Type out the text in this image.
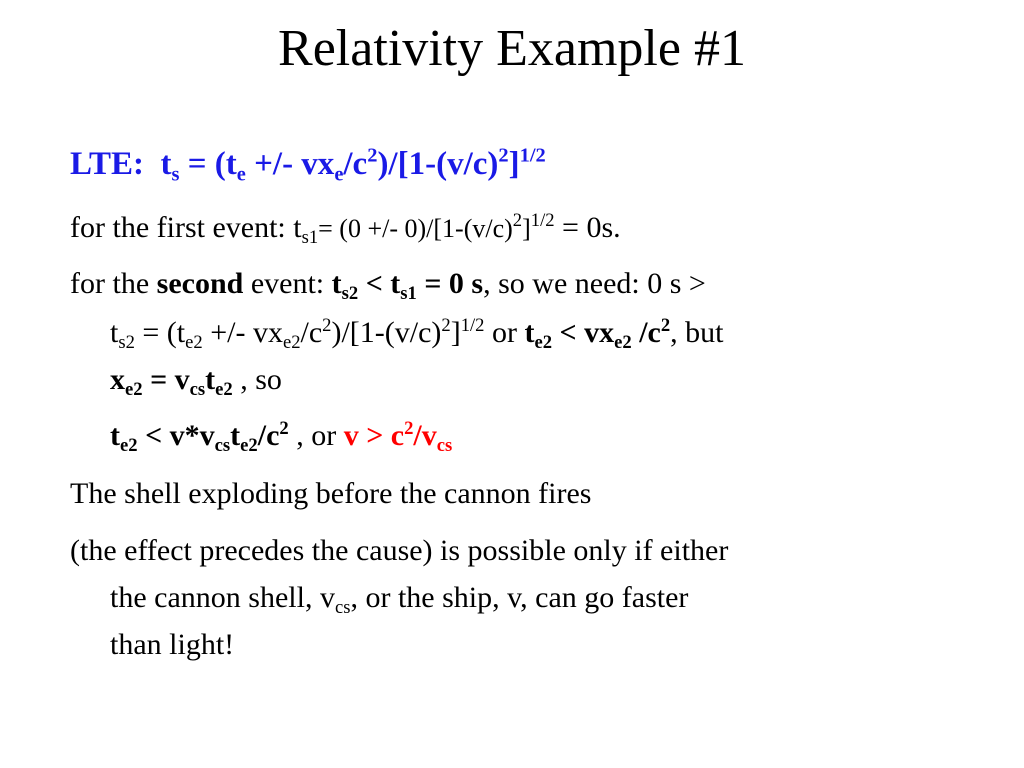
Relativity Example #1
LTE: $t_s = (t_e$ +/- $vx_e/c^2)/[1-(v/c)^2]^{1/2}$
for the first event: $t_{s1}= (0$ +/- $0)/[1-(v/c)^2]^{1/2} = 0s$.
for the second event: $t_{s2} < t_{s1} = 0$ s, so we need: 0 s >
$t_{s2} = (t_{e2}$ +/- $vx_{e2}/c^2)/[1-(v/c)^2]^{1/2}$ or $t_{e2} < vx_{e2}$ $/c^2$, but
$x_{e2} = v_{cs}t_{e2}$ , so
$t_{e2} < v*v_{cs}t_{e2}/c^2$ , or $v > c^2/v_{cs}$
The shell exploding before the cannon fires
(the effect precedes the cause) is possible only if either
the cannon shell, $v_{cs}$, or the ship, v, can go faster
than light!
